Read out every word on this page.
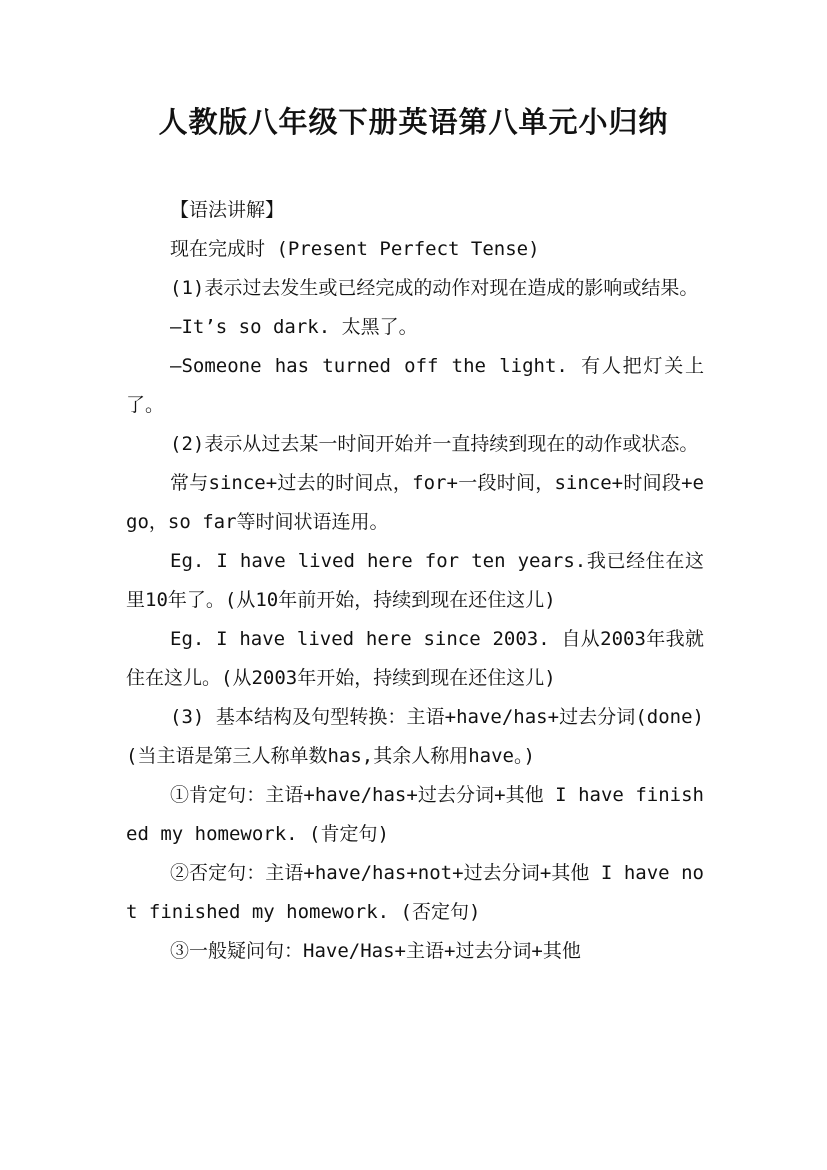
人教版八年级下册英语第八单元小归纳

【语法讲解】

现在完成时 (Present Perfect Tense)

(1)表示过去发生或已经完成的动作对现在造成的影响或结果。

—It’s so dark. 太黑了。

—Someone has turned off the light. 有人把灯关上了。

(2)表示从过去某一时间开始并一直持续到现在的动作或状态。

常与since+过去的时间点，for+一段时间，since+时间段+ego，so far等时间状语连用。

Eg. I have lived here for ten years.我已经住在这里10年了。(从10年前开始，持续到现在还住这儿)

Eg. I have lived here since 2003. 自从2003年我就住在这儿。(从2003年开始，持续到现在还住这儿)

(3) 基本结构及句型转换：主语+have/has+过去分词(done)(当主语是第三人称单数has,其余人称用have。)

①肯定句：主语+have/has+过去分词+其他 I have finished my homework. (肯定句)

②否定句：主语+have/has+not+过去分词+其他 I have not finished my homework. (否定句)

③一般疑问句：Have/Has+主语+过去分词+其他
